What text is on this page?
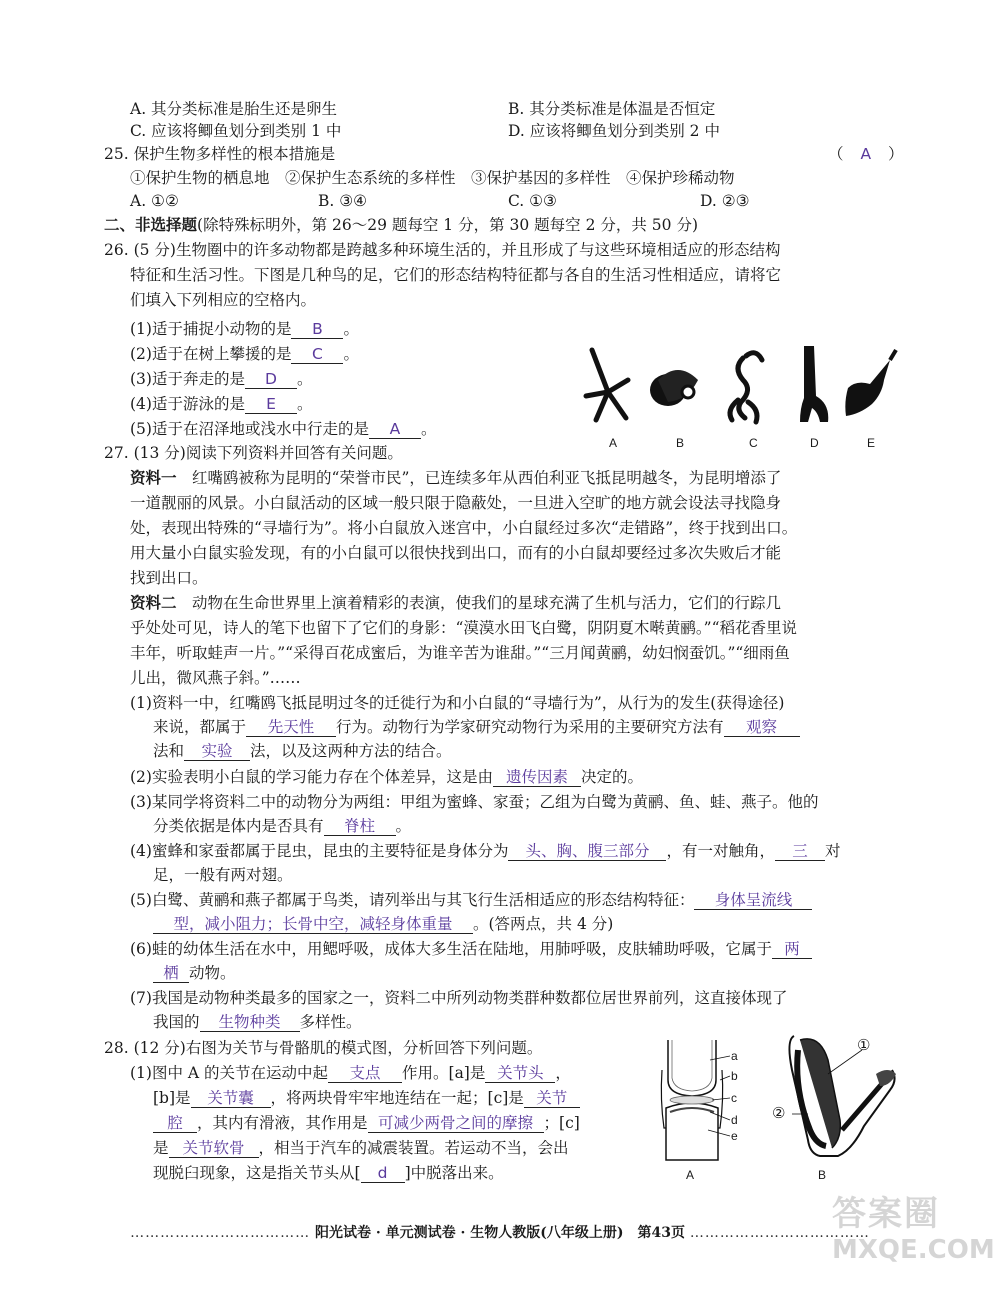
A. 其分类标准是胎生还是卵生	B. 其分类标准是体温是否恒定
C. 应该将鲫鱼划分到类别 1 中	D. 应该将鲫鱼划分到类别 2 中
25. 保护生物多样性的根本措施是	（ A ）
①保护生物的栖息地　②保护生态系统的多样性　③保护基因的多样性　④保护珍稀动物
A. ①②	B. ③④	C. ①③	D. ②③
二、非选择题(除特殊标明外，第 26～29 题每空 1 分，第 30 题每空 2 分，共 50 分)
26. (5 分)生物圈中的许多动物都是跨越多种环境生活的，并且形成了与这些环境相适应的形态结构
特征和生活习性。下图是几种鸟的足，它们的形态结构特征都与各自的生活习性相适应，请将它
们填入下列相应的空格内。
(1)适于捕捉小动物的是 B 。
(2)适于在树上攀援的是 C 。
(3)适于奔走的是 D 。
(4)适于游泳的是 E 。
(5)适于在沼泽地或浅水中行走的是 A 。
A	B	C	D	E
27. (13 分)阅读下列资料并回答有关问题。
资料一　 红嘴鸥被称为昆明的“荣誉市民”，已连续多年从西伯利亚飞抵昆明越冬，为昆明增添了
一道靓丽的风景。小白鼠活动的区域一般只限于隐蔽处，一旦进入空旷的地方就会设法寻找隐身
处，表现出特殊的“寻墙行为”。将小白鼠放入迷宫中，小白鼠经过多次“走错路”，终于找到出口。
用大量小白鼠实验发现，有的小白鼠可以很快找到出口，而有的小白鼠却要经过多次失败后才能
找到出口。
资料二　 动物在生命世界里上演着精彩的表演，使我们的星球充满了生机与活力，它们的行踪几
乎处处可见，诗人的笔下也留下了它们的身影：“漠漠水田飞白鹭，阴阴夏木啭黄鹂。”“稻花香里说
丰年，听取蛙声一片。”“采得百花成蜜后，为谁辛苦为谁甜。”“三月闻黄鹂，幼妇悯蚕饥。”“细雨鱼
儿出，微风燕子斜。”……
(1)资料一中，红嘴鸥飞抵昆明过冬的迁徙行为和小白鼠的“寻墙行为”，从行为的发生(获得途径)
来说，都属于 先天性 行为。动物行为学家研究动物行为采用的主要研究方法有 观察
法和 实验 法，以及这两种方法的结合。
(2)实验表明小白鼠的学习能力存在个体差异，这是由 遗传因素 决定的。
(3)某同学将资料二中的动物分为两组：甲组为蜜蜂、家蚕；乙组为白鹭为黄鹂、鱼、蛙、燕子。他的
分类依据是体内是否具有 脊柱 。
(4)蜜蜂和家蚕都属于昆虫，昆虫的主要特征是身体分为 头、胸、腹三部分 ，有一对触角， 三 对
足，一般有两对翅。
(5)白鹭、黄鹂和燕子都属于鸟类，请列举出与其飞行生活相适应的形态结构特征： 身体呈流线
型，减小阻力；长骨中空，减轻身体重量 。(答两点，共 4 分)
(6)蛙的幼体生活在水中，用鳃呼吸，成体大多生活在陆地，用肺呼吸，皮肤辅助呼吸，它属于 两
栖 动物。
(7)我国是动物种类最多的国家之一，资料二中所列动物类群种数都位居世界前列，这直接体现了
我国的 生物种类 多样性。
28. (12 分)右图为关节与骨骼肌的模式图，分析回答下列问题。
(1)图中 A 的关节在运动中起 支点 作用。[a]是 关节头 ，
[b]是 关节囊 ，将两块骨牢牢地连结在一起；[c]是 关节
腔 ，其内有滑液，其作用是 可减少两骨之间的摩擦 ；[c]
是 关节软骨 ，相当于汽车的减震装置。若运动不当，会出
现脱臼现象，这是指关节头从[ d ]中脱落出来。
a
b
c
d
e
A
①
②
B
……………………………… 阳光试卷 · 单元测试卷 · 生物人教版(八年级上册)　第43页 ………………………………
答案圈
MXQE.COM
